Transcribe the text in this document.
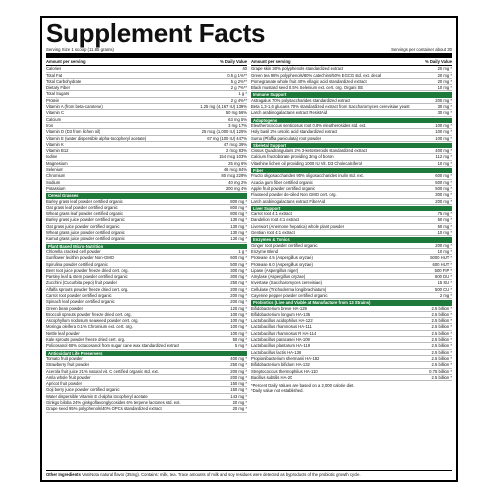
Supplement Facts
Serving Size 1 scoop (11.85 grams)	Servings per container about 30
Amount per serving	% Daily Value
Calories	40
Total Fat	0.5 g 1%**
Total Carbohydrate	5 g 2%**
Dietary Fiber	2 g 7%**
Total Sugars	1 g *
Protein	2 g 4%**
Vitamin A (from beta-carotene)	1.25 mg (4,167 IU) 139%
Vitamin C	50 mg 56%
Calcium	63 mg 5%
Iron	3 mg 17%
Vitamin D (D3 from lichen oil)	25 mcg (1,000 IU) 125%
Vitamin E (water dispersible alpha-tocopheryl acetate)	67 mg (100 IU) 447%
Vitamin K	47 mcg 39%
Vitamin B12	2 mcg 83%
Iodine	154 mcg 103%
Magnesium	25 mg 6%
Selenium	46 mcg 84%
Chromium	80 mcg 229%
Sodium	40 mg 2%
Potassium	200 mg 4%
Cereal Grasses
Barley grass leaf powder certified organic	800 mg *
Oat grass leaf powder certified organic	800 mg *
Wheat grass leaf powder certified organic	800 mg *
Barley grass juice powder certified organic	130 mg *
Oat grass juice powder certified organic	130 mg *
Wheat grass juice powder certified organic	130 mg *
Kamut grass juice powder certified organic	130 mg *
Plant Based Micro-Nutrition
Chlorella cracked cell powder	1 g *
Sunflower lecithin powder Non-GMO	600 mg *
Spirulina powder certified organic	500 mg *
Beet root juice powder freeze dried cert. org.	300 mg *
Parsley leaf & stem powder certified organic	300 mg *
Zucchini (Cucurbita pepo) fruit powder	250 mg *
Alfalfa sprouts powder freeze dried cert. org.	200 mg *
Carrot root powder certified organic	200 mg *
Spinach leaf powder certified organic	200 mg *
Green bean powder	120 mg *
Broccoli sprouts powder freeze dried cert. org.	100 mg *
Ascophyllum nodosum seaweed powder cert. org.	100 mg *
Moringa oleifera 0.1% Chromium ext. cert. org.	100 mg *
Nettle leaf powder	100 mg *
Kale sprouts powder freeze dried cert. org.	50 mg *
Policosanol 60% octacosanol from sugar cane wax standardized extract	5 mg *
Antioxidant Life Preservers
Tomato fruit powder	400 mg *
Strawberry fruit powder	250 mg *
Acerola fruit juice 21% natural vit. C certified organic std. ext.	200 mg *
Amla whole fruit powder	200 mg *
Apricot fruit powder	150 mg *
Goji berry juice powder certified organic	150 mg *
Water dispersible Vitamin E d-alpha tocopheryl acetate	143 mg *
Ginkgo biloba 24% ginkgoflavonglycosides 6% terpene lactones std. ext.	20 mg *
Grape seed 95% polyphenols/40% OPCs standardized extract	20 mg *
Amount per serving	% Daily Value
Grape skin 30% polyphenols standardized extract	20 mg *
Green tea 98% polyphenols/80% catechins/50% EGCG std. ext. decaf	20 mg *
Pomegranate whole fruit 40% ellagic acid standardized extract	20 mg *
Black mustard seed 0.5% Selenium ext. cert. org. Organi SE	10 mg *
Immune Support
Astragalus 70% polysaccharides standardized extract	200 mg *
Beta 1,3-1,6 glucans 70% standardized extract from Saccharomyces cerevisiae yeast	30 mg *
Larch arabinogalactans extract ResistAid	30 mg *
Adaptogens
Eleutherococcus senticosus root 0.8% eleutherosides std. ext.	100 mg *
Holy basil 2% ursolic acid standardized extract	100 mg *
Suma (Pfaffia paniculata) root powder	100 mg *
Skeletal Support
Cissus Quadrangularis 2% 3-ketosteroids standardized extract	400 mg *
Calcium fructoborate providing 3mg of boron	112 mg *
Vitashine lichen oil providing 1000 IU Vit. D3 Cholecalciferol	10 mg *
Fiber
Fructo oligosaccharides 90% oligosaccharides inulin std. ext.	600 mg *
Acacia gum fiber certified organic	500 mg *
Apple fruit powder certified organic	500 mg *
Flaxseed powder de-oiled Non GMO cert. org.	300 mg *
Larch arabinogalactans extract FiberAid	200 mg *
Liver Support
Carrot root 4:1 extract	75 mg *
Dandelion root 4:1 extract	50 mg *
Liverwort (Anemone hepatica) whole plant powder	50 mg *
Gentian root 4:1 extract	10 mg *
Enzymes & Tonics
Ginger root powder certified organic	200 mg *
Enzyme Blend	10 mg *
Protease 4.5 (Aspergillus oryzae)	5000 HUT *
Protease 6.0 (Aspergillus oryzae)	600 HUT *
Lipase (Aspergillus niger)	500 FIP *
Amylase (Aspergillus oryzae)	600 DU *
Invertase (Saccharomyces cerevisiae)	15 SU *
Cellulase (Trichoderma longibrachiatum)	500 CU *
Cayenne pepper powder certified organic	2 mg *
Probiotics (Live and Viable at Manufacture from 13 Strains)
Bifidobacterium breve HA-129	2.5 billion *
Bifidobacterium longum HA-135	2.5 billion *
Lactobacillus acidophilus HA-122	2.5 billion *
Lactobacillus rhamnosus HA-111	2.5 billion *
Lactobacillus rhamnosus R HA-114	2.5 billion *
Lactobacillus paracasei HA-108	2.5 billion *
Lactobacillus plantarum HA-119	2.5 billion *
Lactobacillus lactis HA-136	2.5 billion *
Propionibacterium shermanii HA-182	2.5 billion *
Bifidobacterium bifidum HA-132	2.5 billion *
Streptococcus thermophilus HA-110	0.75 billion *
Bacillus subtilis HA-20	2.5 billion *
*Percent Daily Values are based on a 2,000 calorie diet.
*Daily value not established.
Other Ingredients VaniNota natural flavor (35mg). Contains: milk, tea. Trace amounts of milk and soy residues were detected as byproducts of the probiotic growth cycle.
